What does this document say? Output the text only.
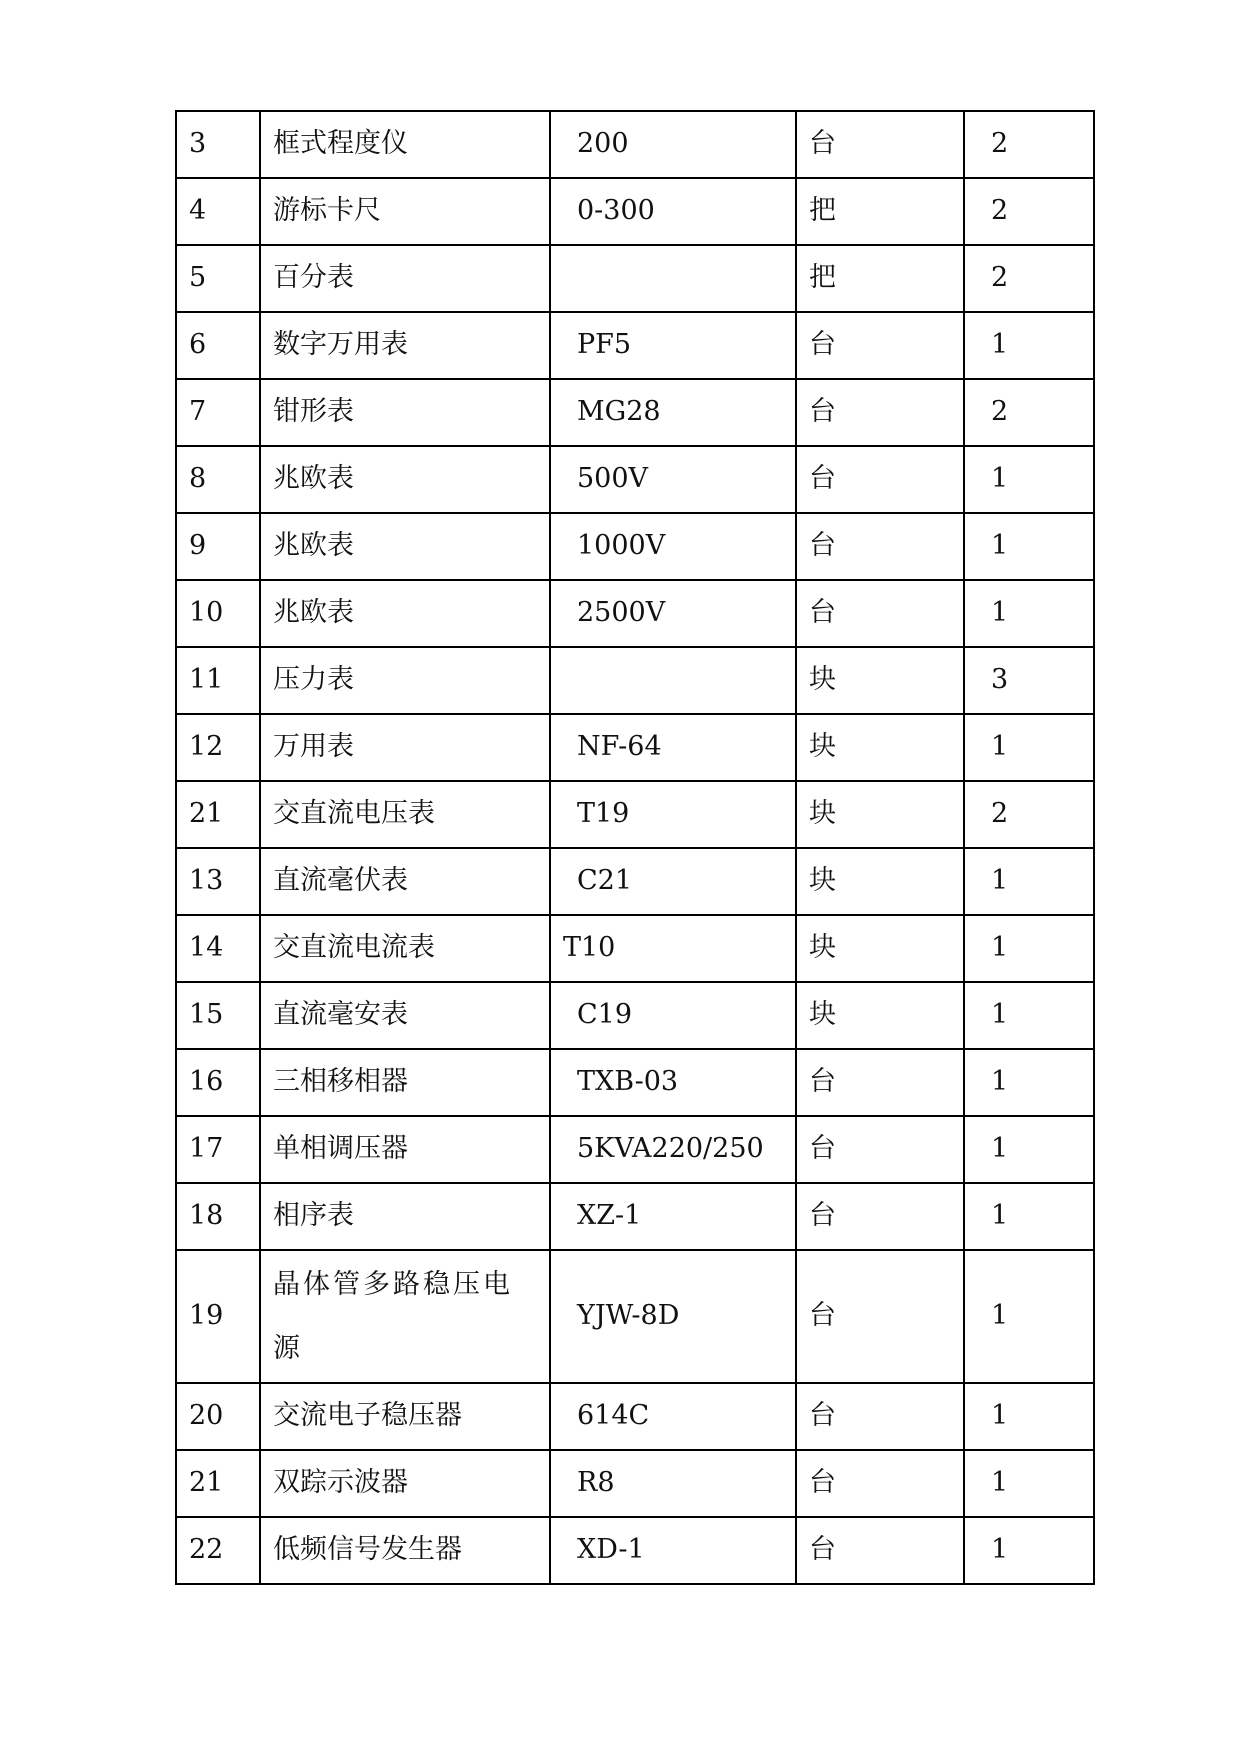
3	框式程度仪	200	台	2
4	游标卡尺	0-300	把	2
5	百分表		把	2
6	数字万用表	PF5	台	1
7	钳形表	MG28	台	2
8	兆欧表	500V	台	1
9	兆欧表	1000V	台	1
10	兆欧表	2500V	台	1
11	压力表		块	3
12	万用表	NF-64	块	1
21	交直流电压表	T19	块	2
13	直流毫伏表	C21	块	1
14	交直流电流表	T10	块	1
15	直流毫安表	C19	块	1
16	三相移相器	TXB-03	台	1
17	单相调压器	5KVA220/250	台	1
18	相序表	XZ-1	台	1
19	晶体管多路稳压电源	YJW-8D	台	1
20	交流电子稳压器	614C	台	1
21	双踪示波器	R8	台	1
22	低频信号发生器	XD-1	台	1
